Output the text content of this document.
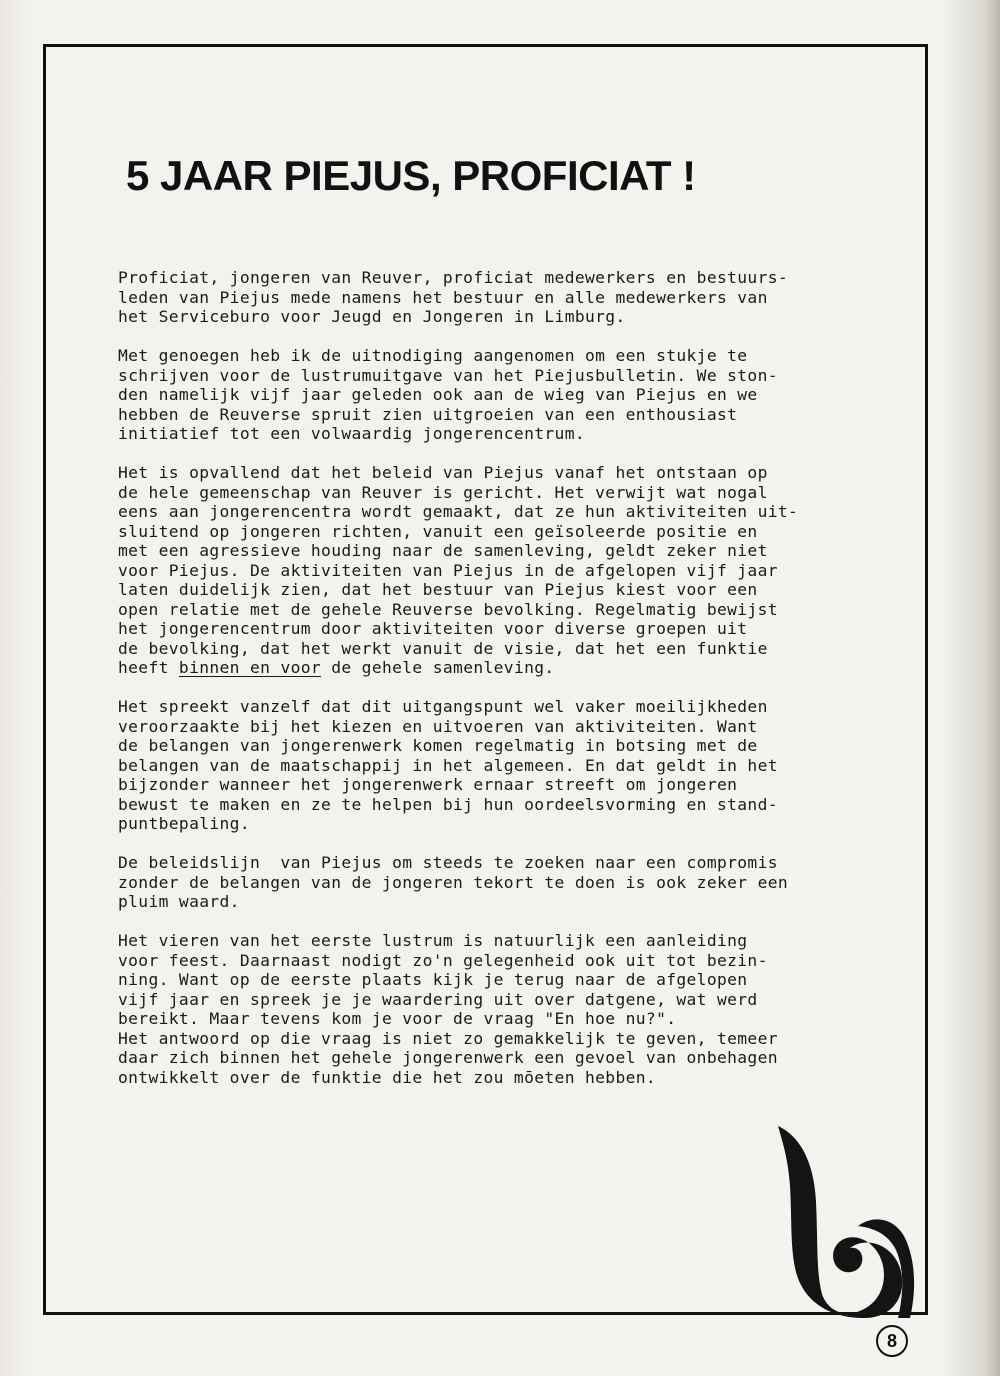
5 JAAR PIEJUS, PROFICIAT !

Proficiat, jongeren van Reuver, proficiat medewerkers en bestuurs-
leden van Piejus mede namens het bestuur en alle medewerkers van
het Serviceburo voor Jeugd en Jongeren in Limburg.

Met genoegen heb ik de uitnodiging aangenomen om een stukje te
schrijven voor de lustrumuitgave van het Piejusbulletin. We ston-
den namelijk vijf jaar geleden ook aan de wieg van Piejus en we
hebben de Reuverse spruit zien uitgroeien van een enthousiast
initiatief tot een volwaardig jongerencentrum.

Het is opvallend dat het beleid van Piejus vanaf het ontstaan op
de hele gemeenschap van Reuver is gericht. Het verwijt wat nogal
eens aan jongerencentra wordt gemaakt, dat ze hun aktiviteiten uit-
sluitend op jongeren richten, vanuit een geïsoleerde positie en
met een agressieve houding naar de samenleving, geldt zeker niet
voor Piejus. De aktiviteiten van Piejus in de afgelopen vijf jaar
laten duidelijk zien, dat het bestuur van Piejus kiest voor een
open relatie met de gehele Reuverse bevolking. Regelmatig bewijst
het jongerencentrum door aktiviteiten voor diverse groepen uit
de bevolking, dat het werkt vanuit de visie, dat het een funktie
heeft binnen en voor de gehele samenleving.

Het spreekt vanzelf dat dit uitgangspunt wel vaker moeilijkheden
veroorzaakte bij het kiezen en uitvoeren van aktiviteiten. Want
de belangen van jongerenwerk komen regelmatig in botsing met de
belangen van de maatschappij in het algemeen. En dat geldt in het
bijzonder wanneer het jongerenwerk ernaar streeft om jongeren
bewust te maken en ze te helpen bij hun oordeelsvorming en stand-
puntbepaling.

De beleidslijn  van Piejus om steeds te zoeken naar een compromis
zonder de belangen van de jongeren tekort te doen is ook zeker een
pluim waard.

Het vieren van het eerste lustrum is natuurlijk een aanleiding
voor feest. Daarnaast nodigt zo'n gelegenheid ook uit tot bezin-
ning. Want op de eerste plaats kijk je terug naar de afgelopen
vijf jaar en spreek je je waardering uit over datgene, wat werd
bereikt. Maar tevens kom je voor de vraag "En hoe nu?".
Het antwoord op die vraag is niet zo gemakkelijk te geven, temeer
daar zich binnen het gehele jongerenwerk een gevoel van onbehagen
ontwikkelt over de funktie die het zou mōeten hebben.

8
